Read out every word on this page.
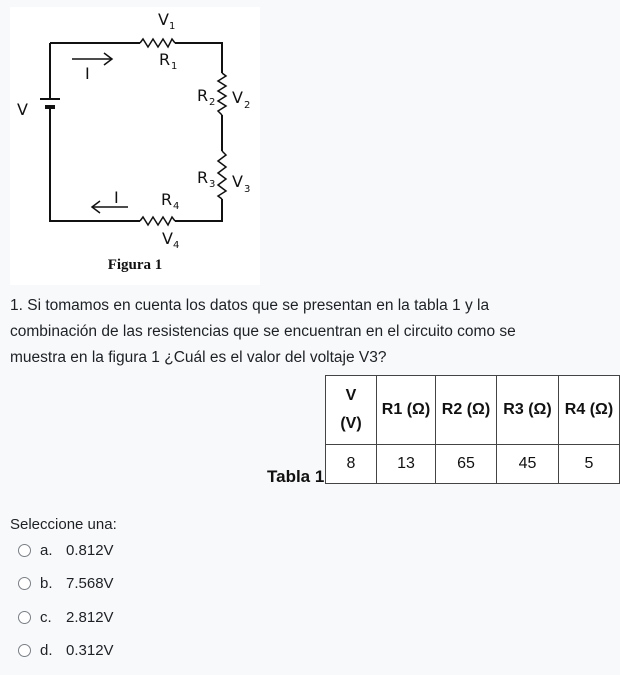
V
V 1
R 1
I
R 2 V 2
R 3 V 3
I	R 4
V 4
Figura 1
1. Si tomamos en cuenta los datos que se presentan en la tabla 1 y la combinación de las resistencias que se encuentran en el circuito como se muestra en la figura 1 ¿Cuál es el valor del voltaje V3?
Tabla 1
V
(V)	R1 (Ω)	R2 (Ω)	R3 (Ω)	R4 (Ω)
8	13	65	45	5
Seleccione una:
a. 0.812V
b. 7.568V
c. 2.812V
d. 0.312V
